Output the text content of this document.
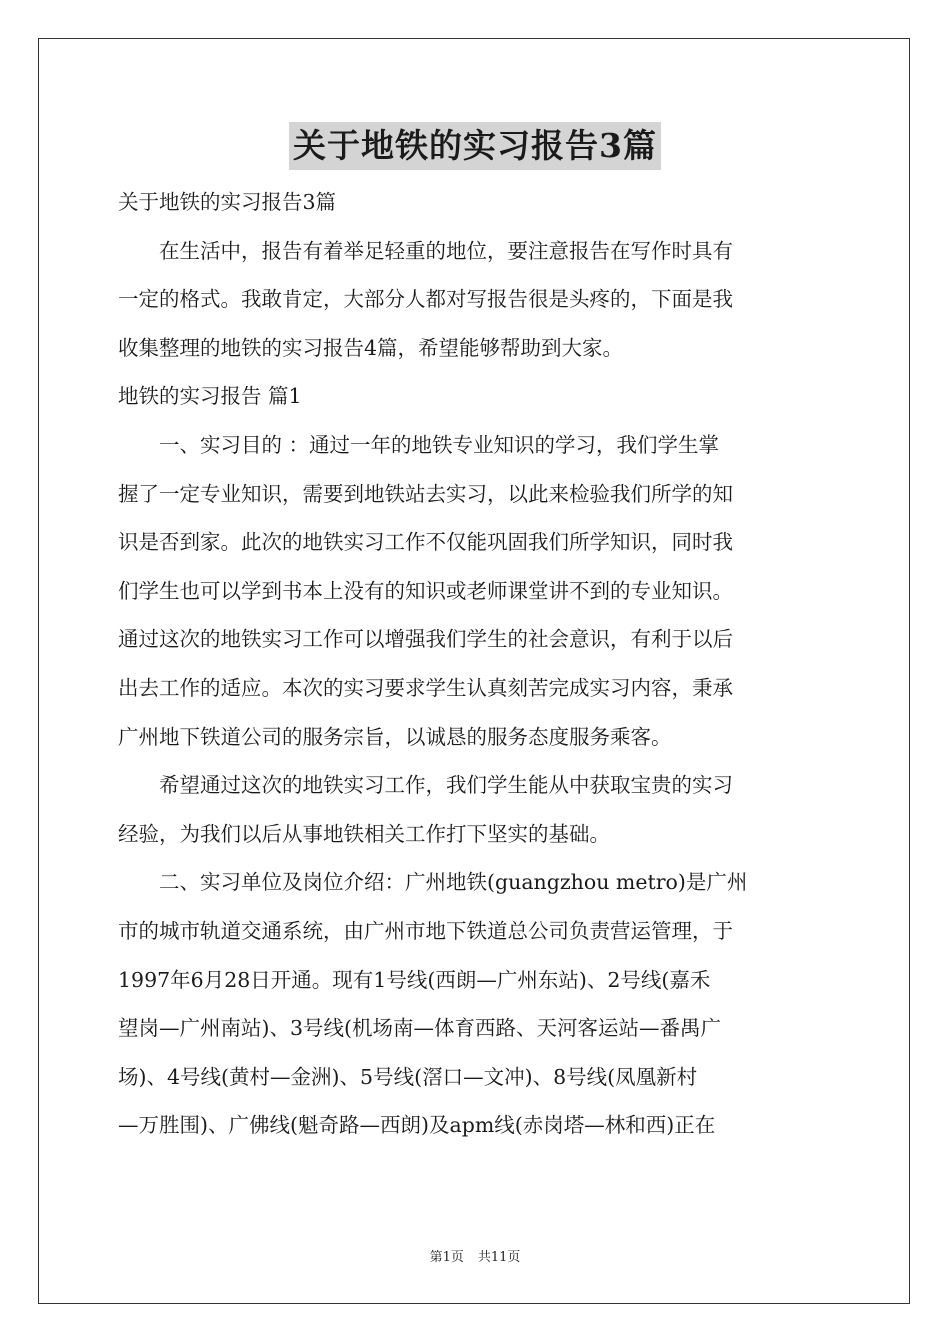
关于地铁的实习报告3篇
关于地铁的实习报告3篇
在生活中，报告有着举足轻重的地位，要注意报告在写作时具有
一定的格式。我敢肯定，大部分人都对写报告很是头疼的，下面是我
收集整理的地铁的实习报告4篇，希望能够帮助到大家。
地铁的实习报告 篇1
一、实习目的 ：通过一年的地铁专业知识的学习，我们学生掌
握了一定专业知识，需要到地铁站去实习，以此来检验我们所学的知
识是否到家。此次的地铁实习工作不仅能巩固我们所学知识，同时我
们学生也可以学到书本上没有的知识或老师课堂讲不到的专业知识。
通过这次的地铁实习工作可以增强我们学生的社会意识，有利于以后
出去工作的适应。本次的实习要求学生认真刻苦完成实习内容，秉承
广州地下铁道公司的服务宗旨，以诚恳的服务态度服务乘客。
希望通过这次的地铁实习工作，我们学生能从中获取宝贵的实习
经验，为我们以后从事地铁相关工作打下坚实的基础。
二、实习单位及岗位介绍：广州地铁(guangzhou metro)是广州
市的城市轨道交通系统，由广州市地下铁道总公司负责营运管理，于
1997年6月28日开通。现有1号线(西朗—广州东站)、2号线(嘉禾
望岗—广州南站)、3号线(机场南—体育西路、天河客运站—番禺广
场)、4号线(黄村—金洲)、5号线(滘口—文冲)、8号线(凤凰新村
—万胜围)、广佛线(魁奇路—西朗)及apm线(赤岗塔—林和西)正在
第1页 共11页
